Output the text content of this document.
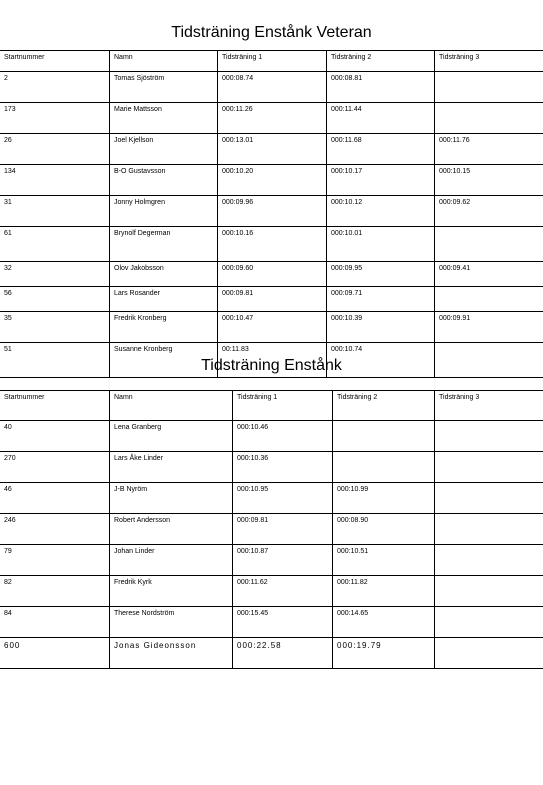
Tidsträning Enstånk Veteran
Startnummer	Namn	Tidsträning 1	Tidsträning 2	Tidsträning 3
2	Tomas Sjöström	000:08.74	000:08.81	
173	Marie Mattsson	000:11.26	000:11.44	
26	Joel Kjellson	000:13.01	000:11.68	000:11.76
134	B-O Gustavsson	000:10.20	000:10.17	000:10.15
31	Jonny Holmgren	000:09.96	000:10.12	000:09.62
61	Brynolf Degerman	000:10.16	000:10.01	
32	Olov Jakobsson	000:09.60	000:09.95	000:09.41
56	Lars Rosander	000:09.81	000:09.71	
35	Fredrik Kronberg	000:10.47	000:10.39	000:09.91
51	Susanne Kronberg	00:11.83	000:10.74	
Tidsträning Enstånk
Startnummer	Namn	Tidsträning 1	Tidsträning 2	Tidsträning 3
40	Lena Granberg	000:10.46		
270	Lars Åke Linder	000:10.36		
46	J-B Nyröm	000:10.95	000:10.99	
246	Robert Andersson	000:09.81	000:08.90	
79	Johan Linder	000:10.87	000:10.51	
82	Fredrik Kyrk	000:11.62	000:11.82	
84	Therese Nordström	000:15.45	000:14.65	
600	Jonas Gideonsson	000:22.58	000:19.79	
